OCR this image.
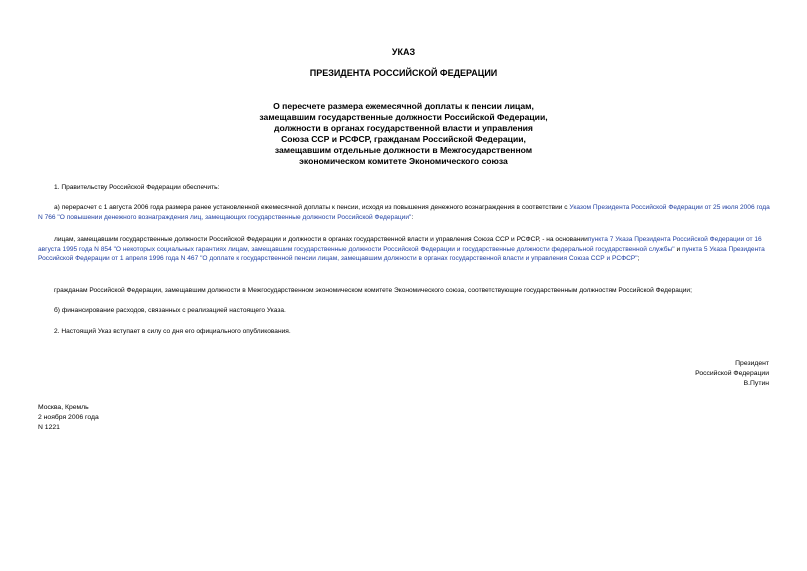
УКАЗ
ПРЕЗИДЕНТА РОССИЙСКОЙ ФЕДЕРАЦИИ
О пересчете размера ежемесячной доплаты к пенсии лицам,
замещавшим государственные должности Российской Федерации,
должности в органах государственной власти и управления
Союза ССР и РСФСР, гражданам Российской Федерации,
замещавшим отдельные должности в Межгосударственном
экономическом комитете Экономического союза
1. Правительству Российской Федерации обеспечить:
а) перерасчет с 1 августа 2006 года размера ранее установленной ежемесячной доплаты к пенсии, исходя из повышения денежного вознаграждения в соответствии с Указом Президента Российской Федерации от 25 июля 2006 года N 766 "О повышении денежного вознаграждения лиц, замещающих государственные должности Российской Федерации":
лицам, замещавшим государственные должности Российской Федерации и должности в органах государственной власти и управления Союза ССР и РСФСР, - на основаниипункта 7 Указа Президента Российской Федерации от 16 августа 1995 года N 854 "О некоторых социальных гарантиях лицам, замещавшим государственные должности Российской Федерации и государственные должности федеральной государственной службы" и пункта 5 Указа Президента Российской Федерации от 1 апреля 1996 года N 467 "О доплате к государственной пенсии лицам, замещавшим должности в органах государственной власти и управления Союза ССР и РСФСР";
гражданам Российской Федерации, замещавшим должности в Межгосударственном экономическом комитете Экономического союза, соответствующие государственным должностям Российской Федерации;
б) финансирование расходов, связанных с реализацией настоящего Указа.
2. Настоящий Указ вступает в силу со дня его официального опубликования.
Президент
Российской Федерации
В.Путин
Москва, Кремль
2 ноября 2006 года
N 1221
